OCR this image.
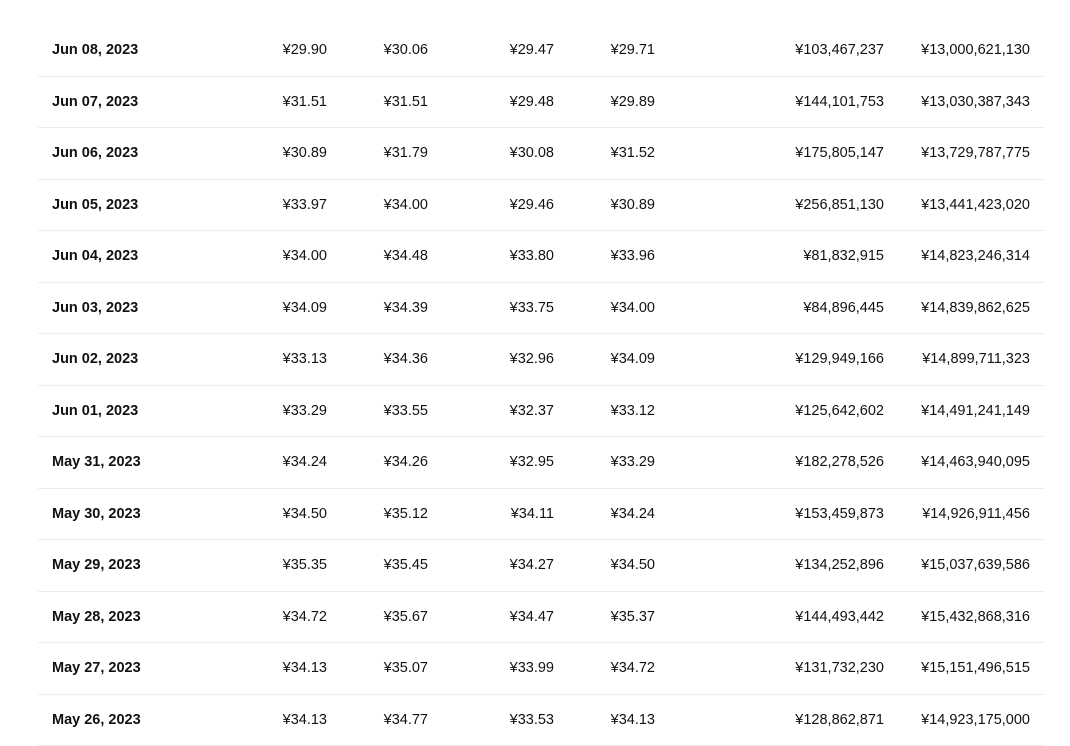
Jun 08, 2023	¥29.90	¥30.06	¥29.47	¥29.71	¥103,467,237	¥13,000,621,130
Jun 07, 2023	¥31.51	¥31.51	¥29.48	¥29.89	¥144,101,753	¥13,030,387,343
Jun 06, 2023	¥30.89	¥31.79	¥30.08	¥31.52	¥175,805,147	¥13,729,787,775
Jun 05, 2023	¥33.97	¥34.00	¥29.46	¥30.89	¥256,851,130	¥13,441,423,020
Jun 04, 2023	¥34.00	¥34.48	¥33.80	¥33.96	¥81,832,915	¥14,823,246,314
Jun 03, 2023	¥34.09	¥34.39	¥33.75	¥34.00	¥84,896,445	¥14,839,862,625
Jun 02, 2023	¥33.13	¥34.36	¥32.96	¥34.09	¥129,949,166	¥14,899,711,323
Jun 01, 2023	¥33.29	¥33.55	¥32.37	¥33.12	¥125,642,602	¥14,491,241,149
May 31, 2023	¥34.24	¥34.26	¥32.95	¥33.29	¥182,278,526	¥14,463,940,095
May 30, 2023	¥34.50	¥35.12	¥34.11	¥34.24	¥153,459,873	¥14,926,911,456
May 29, 2023	¥35.35	¥35.45	¥34.27	¥34.50	¥134,252,896	¥15,037,639,586
May 28, 2023	¥34.72	¥35.67	¥34.47	¥35.37	¥144,493,442	¥15,432,868,316
May 27, 2023	¥34.13	¥35.07	¥33.99	¥34.72	¥131,732,230	¥15,151,496,515
May 26, 2023	¥34.13	¥34.77	¥33.53	¥34.13	¥128,862,871	¥14,923,175,000
